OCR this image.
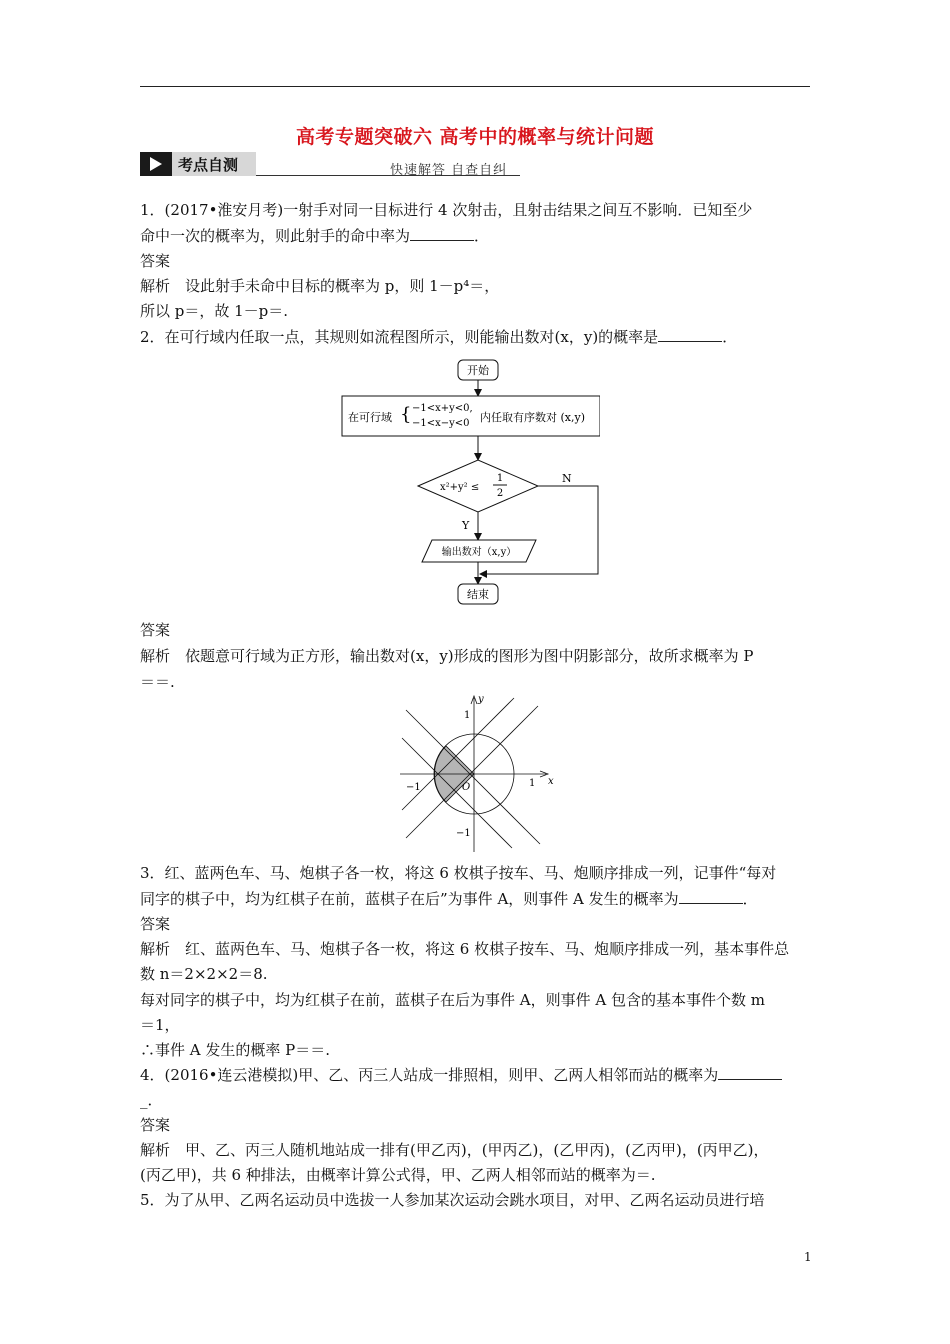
高考专题突破六 高考中的概率与统计问题
考点自测	快速解答 自查自纠
1．(2017•淮安月考)一射手对同一目标进行 4 次射击，且射击结果之间互不影响．已知至少
命中一次的概率为，则此射手的命中率为	．
答案
解析　设此射手未命中目标的概率为 p，则 1－p⁴＝，
所以 p＝，故 1－p＝.
2．在可行域内任取一点，其规则如流程图所示，则能输出数对(x，y)的概率是	．
开始
在可行域 { −1<x+y<0,
−1<x−y<0 内任取有序数对 (x,y)
x²+y² ≤
1
2
N
Y
输出数对（x,y）
结束
答案
解析　依题意可行域为正方形，输出数对(x，y)形成的图形为图中阴影部分，故所求概率为 P
＝＝.
y
x
1
1
−1
−1
O
3．红、蓝两色车、马、炮棋子各一枚，将这 6 枚棋子按车、马、炮顺序排成一列，记事件“每对
同字的棋子中，均为红棋子在前，蓝棋子在后”为事件 A，则事件 A 发生的概率为	．
答案
解析　红、蓝两色车、马、炮棋子各一枚，将这 6 枚棋子按车、马、炮顺序排成一列，基本事件总
数 n＝2×2×2＝8.
每对同字的棋子中，均为红棋子在前，蓝棋子在后为事件 A，则事件 A 包含的基本事件个数 m
＝1，
∴事件 A 发生的概率 P＝＝.
4．(2016•连云港模拟)甲、乙、丙三人站成一排照相，则甲、乙两人相邻而站的概率为
_．
答案
解析　甲、乙、丙三人随机地站成一排有(甲乙丙)，(甲丙乙)，(乙甲丙)，(乙丙甲)，(丙甲乙)，
(丙乙甲)，共 6 种排法，由概率计算公式得，甲、乙两人相邻而站的概率为＝.
5．为了从甲、乙两名运动员中选拔一人参加某次运动会跳水项目，对甲、乙两名运动员进行培
1
